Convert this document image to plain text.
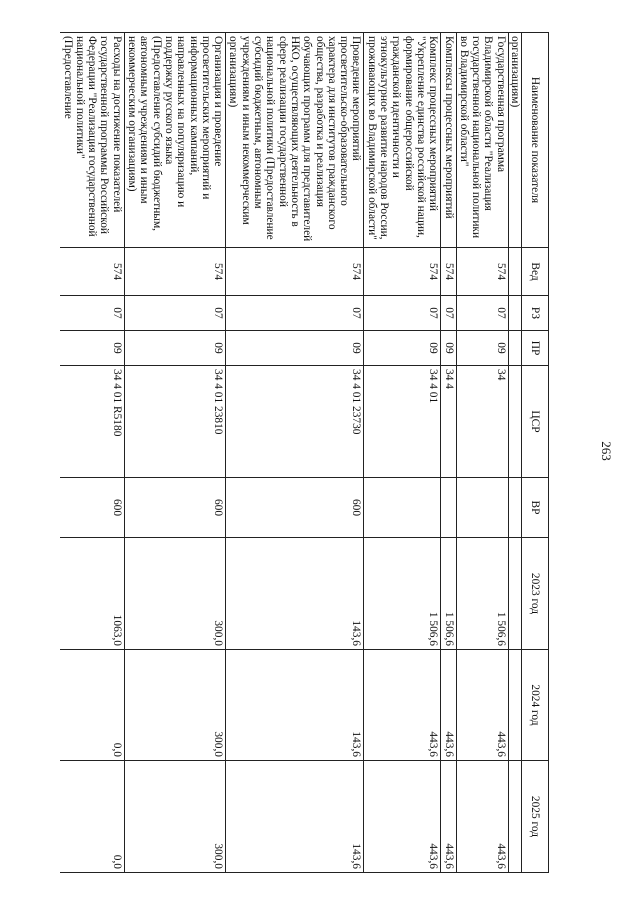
263
Наименование показателя	Вед	РЗ	ПР	ЦСР	ВР	2023 год	2024 год	2025 год
организациям)								
Государственная программа Владимирской области "Реализация государственной национальной политики во Владимирской области"	574	07	09	34		1 506,6	443,6	443,6
Комплексы процессных мероприятий	574	07	09	34 4		1 506,6	443,6	443,6
Комплекс процессных мероприятий "Укрепление единства российской нации, формирование общероссийской гражданской идентичности и этнокультурное развитие народов России, проживающих во Владимирской области"	574	07	09	34 4 01		1 506,6	443,6	443,6
Проведение мероприятий просветительско-образовательного характера для институтов гражданского общества, разработка и реализация обучающих программ для представителей НКО, осуществляющих деятельность в сфере реализации государственной национальной политики (Предоставление субсидий бюджетным, автономным учреждениям и иным некоммерческим организациям)	574	07	09	34 4 01 23730	600	143,6	143,6	143,6
Организация и проведение просветительских мероприятий и информационных кампаний, направленных на популяризацию и поддержку русского языка (Предоставление субсидий бюджетным, автономным учреждениям и иным некоммерческим организациям)	574	07	09	34 4 01 23810	600	300,0	300,0	300,0
Расходы на достижение показателей государственной программы Российской Федерации "Реализация государственной национальной политики" (Предоставление	574	07	09	34 4 01 R5180	600	1063,0	0,0	0,0
